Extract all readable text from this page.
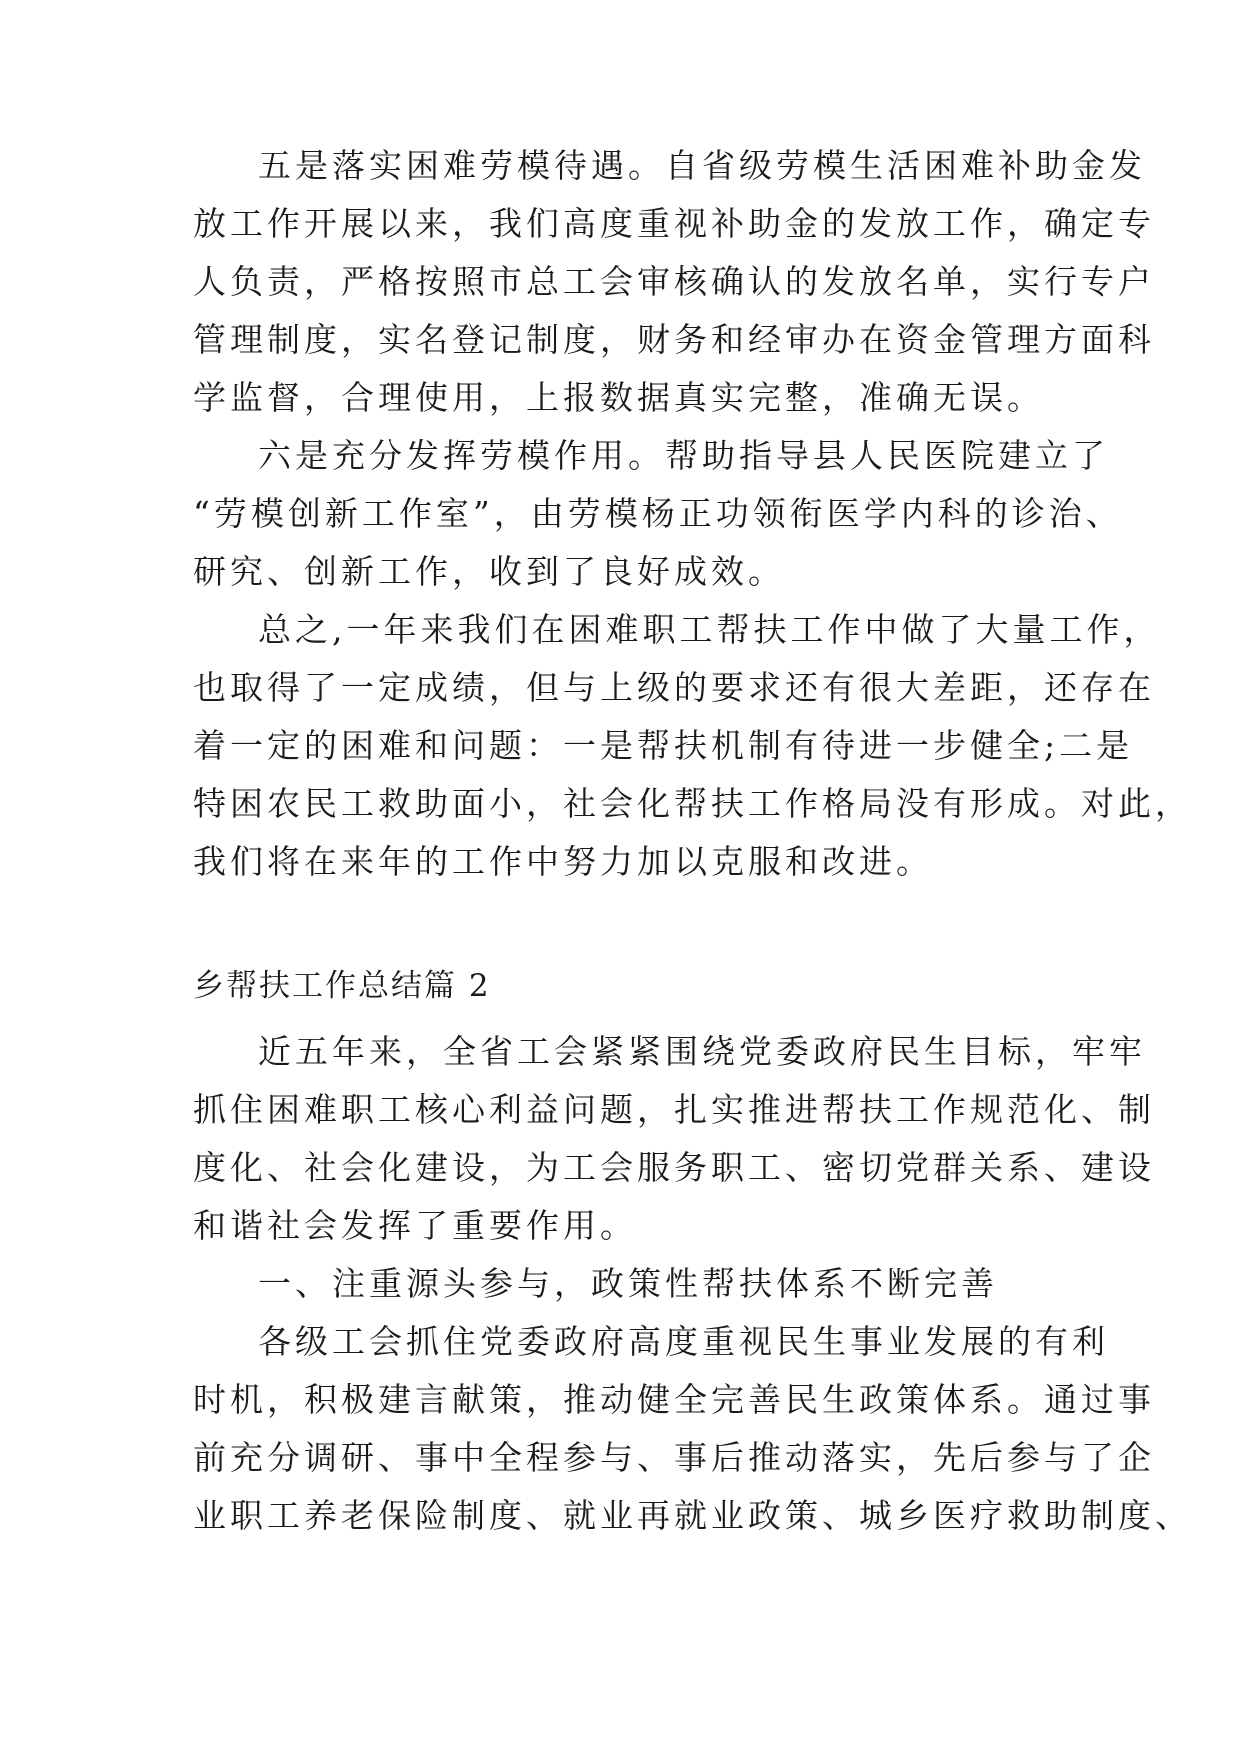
五是落实困难劳模待遇。自省级劳模生活困难补助金发
放工作开展以来，我们高度重视补助金的发放工作，确定专
人负责，严格按照市总工会审核确认的发放名单，实行专户
管理制度，实名登记制度，财务和经审办在资金管理方面科
学监督，合理使用，上报数据真实完整，准确无误。
六是充分发挥劳模作用。帮助指导县人民医院建立了
“劳模创新工作室”，由劳模杨正功领衔医学内科的诊治、
研究、创新工作，收到了良好成效。
总之,一年来我们在困难职工帮扶工作中做了大量工作，
也取得了一定成绩，但与上级的要求还有很大差距，还存在
着一定的困难和问题：一是帮扶机制有待进一步健全;二是
特困农民工救助面小，社会化帮扶工作格局没有形成。对此，
我们将在来年的工作中努力加以克服和改进。
乡帮扶工作总结篇 2
近五年来，全省工会紧紧围绕党委政府民生目标，牢牢
抓住困难职工核心利益问题，扎实推进帮扶工作规范化、制
度化、社会化建设，为工会服务职工、密切党群关系、建设
和谐社会发挥了重要作用。
一、注重源头参与，政策性帮扶体系不断完善
各级工会抓住党委政府高度重视民生事业发展的有利
时机，积极建言献策，推动健全完善民生政策体系。通过事
前充分调研、事中全程参与、事后推动落实，先后参与了企
业职工养老保险制度、就业再就业政策、城乡医疗救助制度、
